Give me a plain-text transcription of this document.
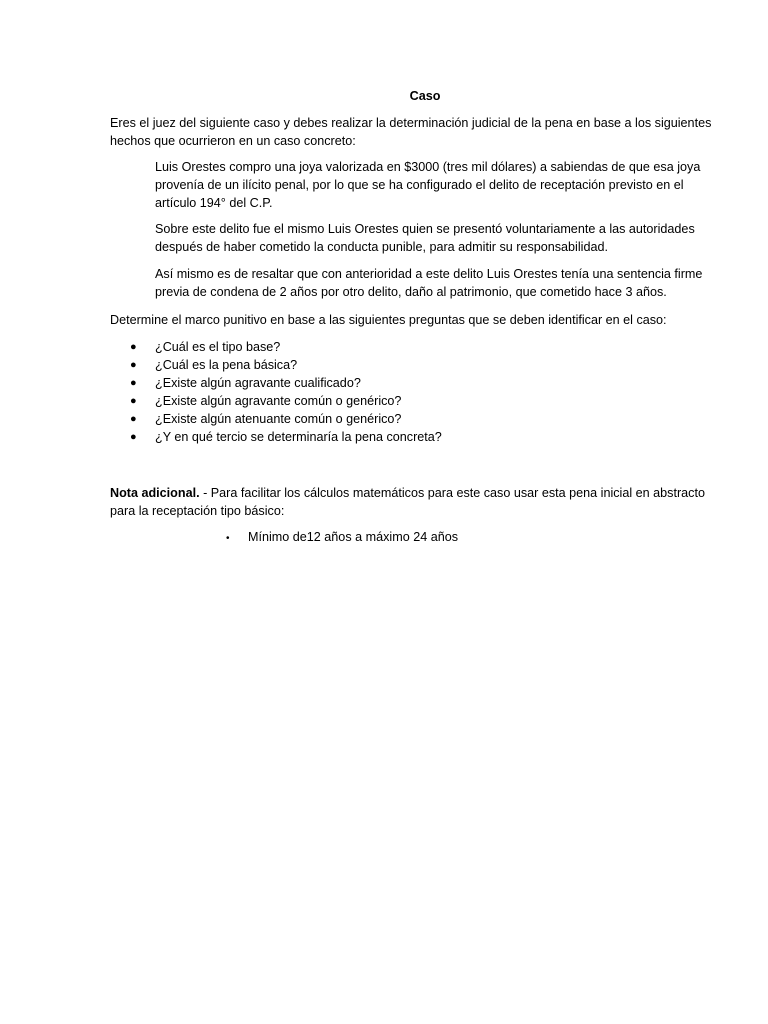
Caso
Eres el juez del siguiente caso y debes realizar la determinación judicial de la pena en base a los siguientes
hechos que ocurrieron en un caso concreto:
Luis Orestes compro una joya valorizada en $3000 (tres mil dólares) a sabiendas de que esa joya
provenía de un ilícito penal, por lo que se ha configurado el delito de receptación previsto en el
artículo 194° del C.P.
Sobre este delito fue el mismo Luis Orestes quien se presentó voluntariamente a las autoridades
después de haber cometido la conducta punible, para admitir su responsabilidad.
Así mismo es de resaltar que con anterioridad a este delito Luis Orestes tenía una sentencia firme
previa de condena de 2 años por otro delito, daño al patrimonio, que cometido hace 3 años.
Determine el marco punitivo en base a las siguientes preguntas que se deben identificar en el caso:
● ¿Cuál es el tipo base?
● ¿Cuál es la pena básica?
● ¿Existe algún agravante cualificado?
● ¿Existe algún agravante común o genérico?
● ¿Existe algún atenuante común o genérico?
● ¿Y en qué tercio se determinaría la pena concreta?
Nota adicional. - Para facilitar los cálculos matemáticos para este caso usar esta pena inicial en abstracto
para la receptación tipo básico:
• Mínimo de12 años a máximo 24 años
